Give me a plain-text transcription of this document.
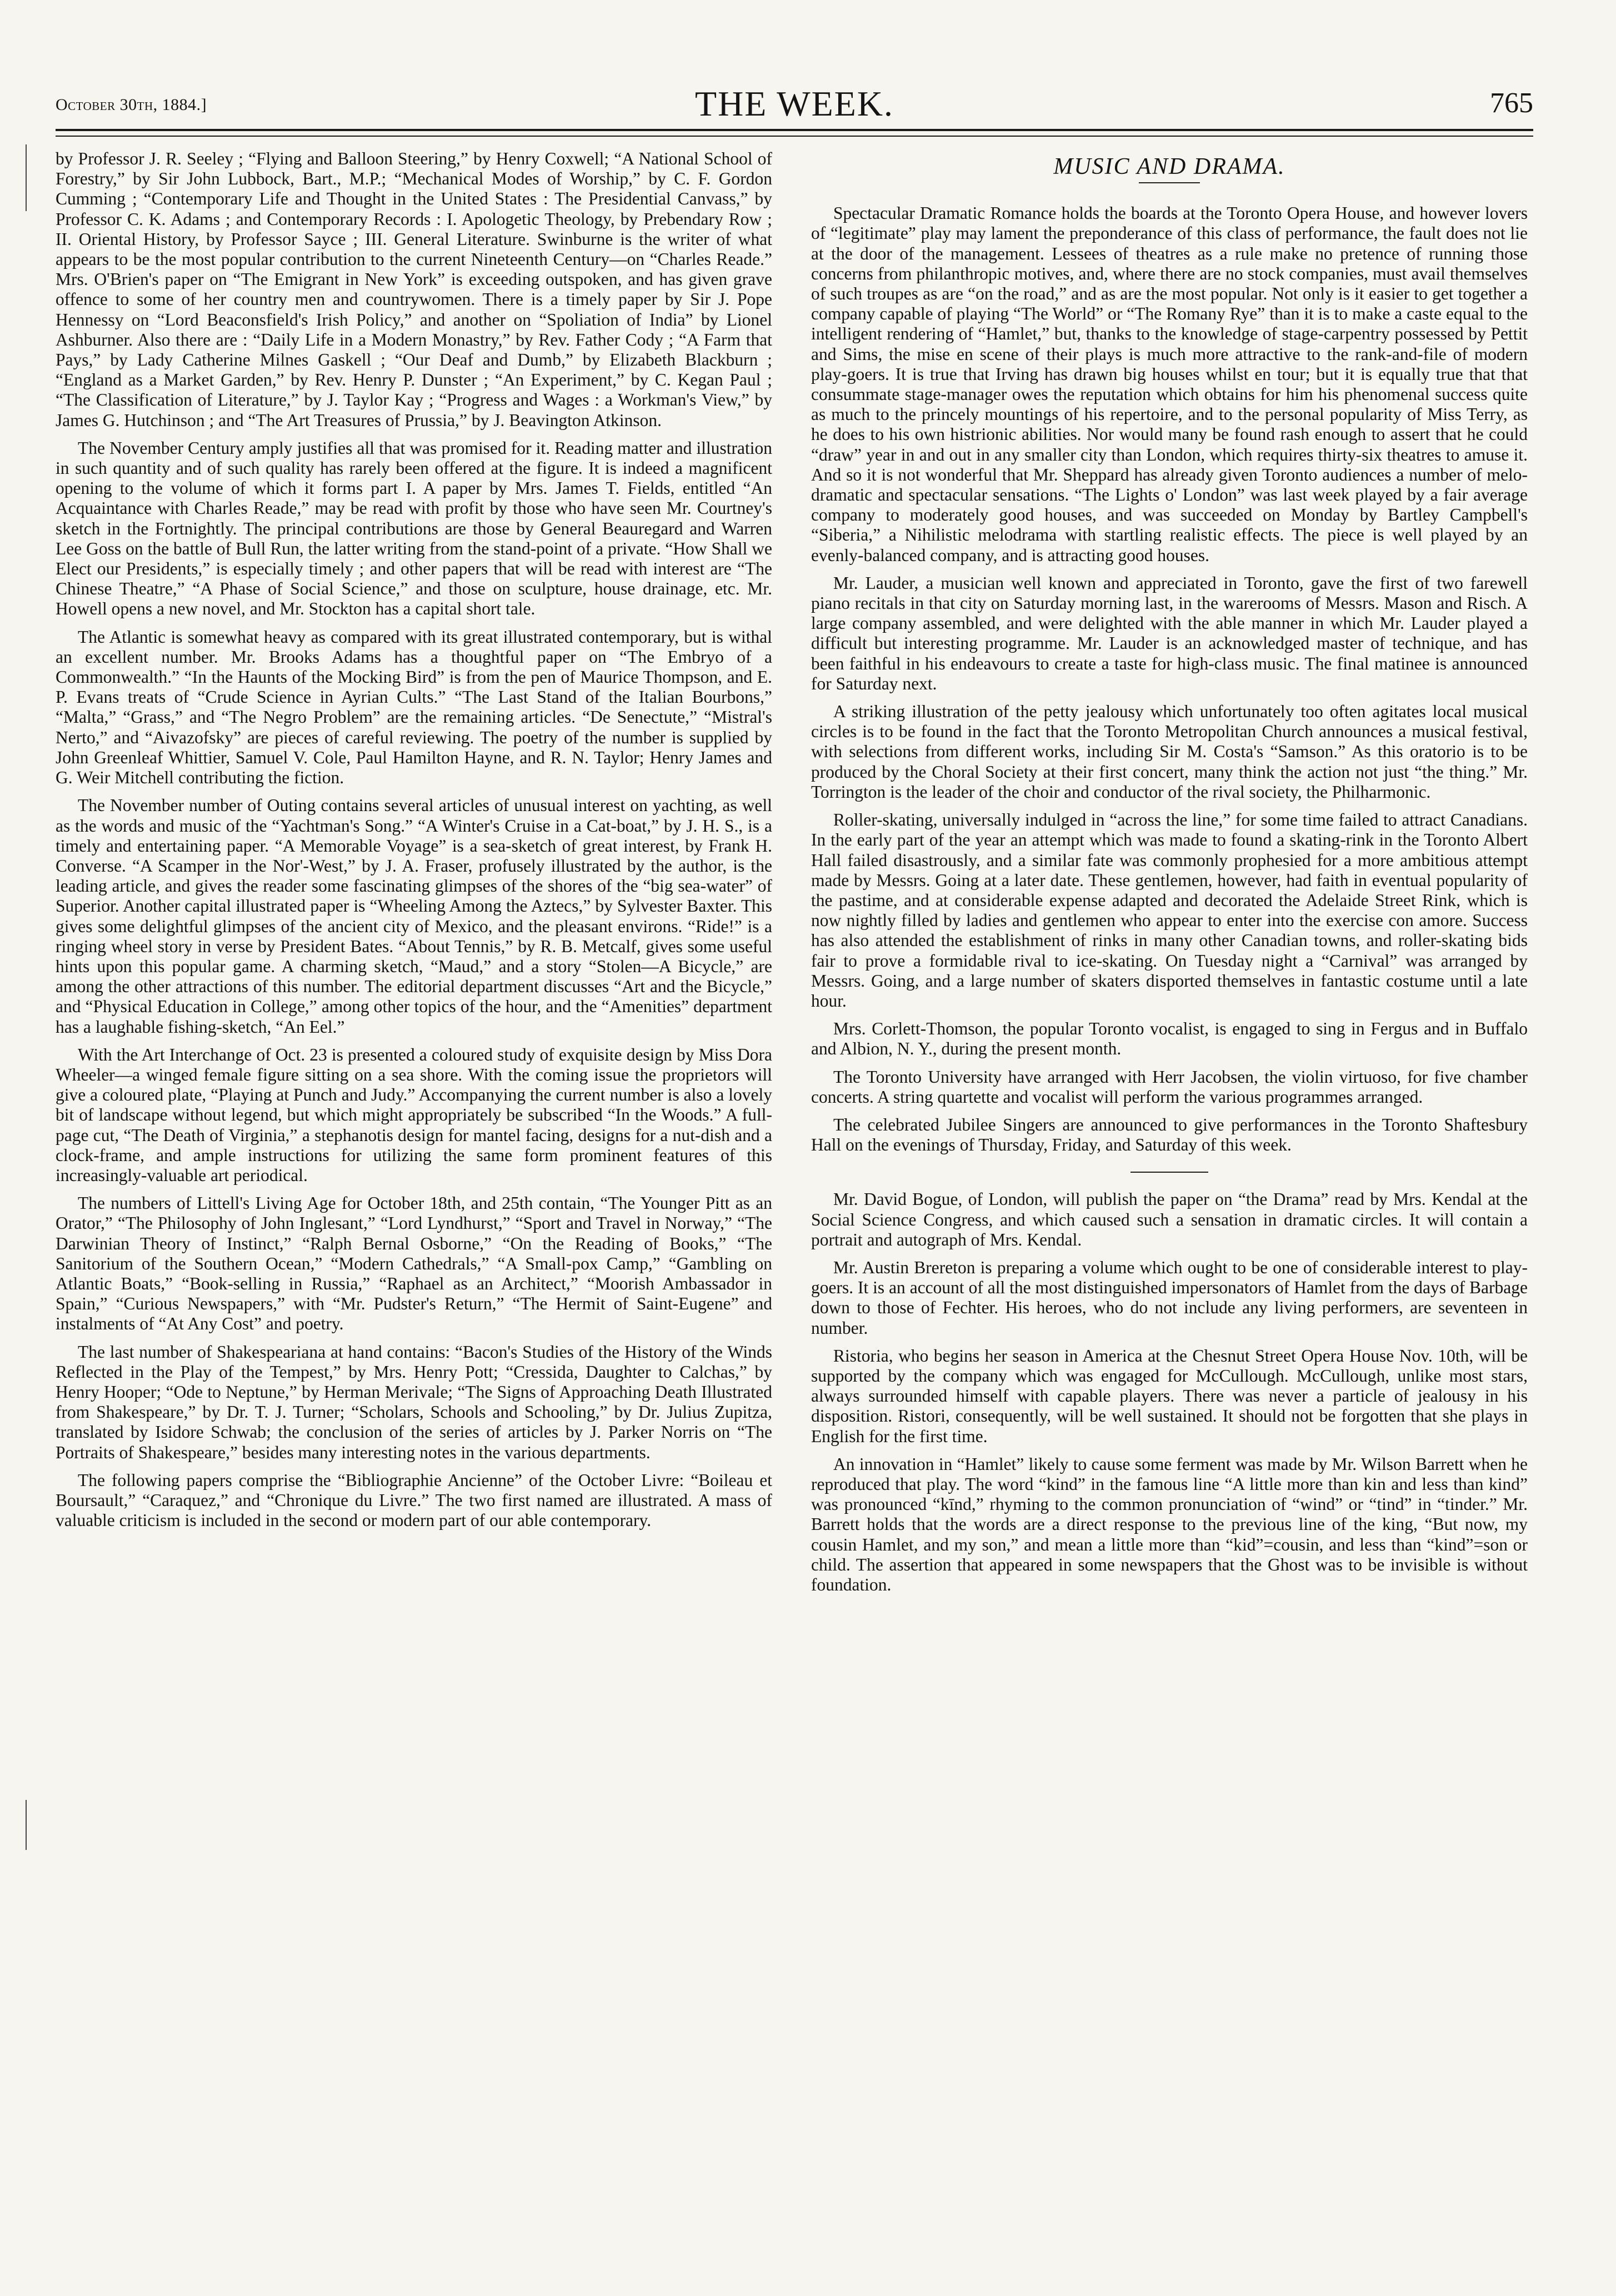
October 30th, 1884.]	THE WEEK.	765

by Professor J. R. Seeley ; “Flying and Balloon Steering,” by Henry Coxwell; “A National School of Forestry,” by Sir John Lubbock, Bart., M.P.; “Mechanical Modes of Worship,” by C. F. Gordon Cumming ; “Contemporary Life and Thought in the United States : The Presidential Canvass,” by Professor C. K. Adams ; and Contemporary Records : I. Apologetic Theology, by Prebendary Row ; II. Oriental History, by Professor Sayce ; III. General Literature. Swinburne is the writer of what appears to be the most popular contribution to the current Nineteenth Century—on “Charles Reade.” Mrs. O'Brien's paper on “The Emigrant in New York” is exceeding outspoken, and has given grave offence to some of her country men and countrywomen. There is a timely paper by Sir J. Pope Hennessy on “Lord Beaconsfield's Irish Policy,” and another on “Spoliation of India” by Lionel Ashburner. Also there are : “Daily Life in a Modern Monastry,” by Rev. Father Cody ; “A Farm that Pays,” by Lady Catherine Milnes Gaskell ; “Our Deaf and Dumb,” by Elizabeth Blackburn ; “England as a Market Garden,” by Rev. Henry P. Dunster ; “An Experiment,” by C. Kegan Paul ; “The Classification of Literature,” by J. Taylor Kay ; “Progress and Wages : a Workman's View,” by James G. Hutchinson ; and “The Art Treasures of Prussia,” by J. Beavington Atkinson.

The November Century amply justifies all that was promised for it. Reading matter and illustration in such quantity and of such quality has rarely been offered at the figure. It is indeed a magnificent opening to the volume of which it forms part I. A paper by Mrs. James T. Fields, entitled “An Acquaintance with Charles Reade,” may be read with profit by those who have seen Mr. Courtney's sketch in the Fortnightly. The principal contributions are those by General Beauregard and Warren Lee Goss on the battle of Bull Run, the latter writing from the stand-point of a private. “How Shall we Elect our Presidents,” is especially timely ; and other papers that will be read with interest are “The Chinese Theatre,” “A Phase of Social Science,” and those on sculpture, house drainage, etc. Mr. Howell opens a new novel, and Mr. Stockton has a capital short tale.

The Atlantic is somewhat heavy as compared with its great illustrated contemporary, but is withal an excellent number. Mr. Brooks Adams has a thoughtful paper on “The Embryo of a Commonwealth.” “In the Haunts of the Mocking Bird” is from the pen of Maurice Thompson, and E. P. Evans treats of “Crude Science in Ayrian Cults.” “The Last Stand of the Italian Bourbons,” “Malta,” “Grass,” and “The Negro Problem” are the remaining articles. “De Senectute,” “Mistral's Nerto,” and “Aivazofsky” are pieces of careful reviewing. The poetry of the number is supplied by John Greenleaf Whittier, Samuel V. Cole, Paul Hamilton Hayne, and R. N. Taylor; Henry James and G. Weir Mitchell contributing the fiction.

The November number of Outing contains several articles of unusual interest on yachting, as well as the words and music of the “Yachtman's Song.” “A Winter's Cruise in a Cat-boat,” by J. H. S., is a timely and entertaining paper. “A Memorable Voyage” is a sea-sketch of great interest, by Frank H. Converse. “A Scamper in the Nor'-West,” by J. A. Fraser, profusely illustrated by the author, is the leading article, and gives the reader some fascinating glimpses of the shores of the “big sea-water” of Superior. Another capital illustrated paper is “Wheeling Among the Aztecs,” by Sylvester Baxter. This gives some delightful glimpses of the ancient city of Mexico, and the pleasant environs. “Ride!” is a ringing wheel story in verse by President Bates. “About Tennis,” by R. B. Metcalf, gives some useful hints upon this popular game. A charming sketch, “Maud,” and a story “Stolen—A Bicycle,” are among the other attractions of this number. The editorial department discusses “Art and the Bicycle,” and “Physical Education in College,” among other topics of the hour, and the “Amenities” department has a laughable fishing-sketch, “An Eel.”

With the Art Interchange of Oct. 23 is presented a coloured study of exquisite design by Miss Dora Wheeler—a winged female figure sitting on a sea shore. With the coming issue the proprietors will give a coloured plate, “Playing at Punch and Judy.” Accompanying the current number is also a lovely bit of landscape without legend, but which might appropriately be subscribed “In the Woods.” A full-page cut, “The Death of Virginia,” a stephanotis design for mantel facing, designs for a nut-dish and a clock-frame, and ample instructions for utilizing the same form prominent features of this increasingly-valuable art periodical.

The numbers of Littell's Living Age for October 18th, and 25th contain, “The Younger Pitt as an Orator,” “The Philosophy of John Inglesant,” “Lord Lyndhurst,” “Sport and Travel in Norway,” “The Darwinian Theory of Instinct,” “Ralph Bernal Osborne,” “On the Reading of Books,” “The Sanitorium of the Southern Ocean,” “Modern Cathedrals,” “A Small-pox Camp,” “Gambling on Atlantic Boats,” “Book-selling in Russia,” “Raphael as an Architect,” “Moorish Ambassador in Spain,” “Curious Newspapers,” with “Mr. Pudster's Return,” “The Hermit of Saint-Eugene” and instalments of “At Any Cost” and poetry.

The last number of Shakespeariana at hand contains: “Bacon's Studies of the History of the Winds Reflected in the Play of the Tempest,” by Mrs. Henry Pott; “Cressida, Daughter to Calchas,” by Henry Hooper; “Ode to Neptune,” by Herman Merivale; “The Signs of Approaching Death Illustrated from Shakespeare,” by Dr. T. J. Turner; “Scholars, Schools and Schooling,” by Dr. Julius Zupitza, translated by Isidore Schwab; the conclusion of the series of articles by J. Parker Norris on “The Portraits of Shakespeare,” besides many interesting notes in the various departments.

The following papers comprise the “Bibliographie Ancienne” of the October Livre: “Boileau et Boursault,” “Caraquez,” and “Chronique du Livre.” The two first named are illustrated. A mass of valuable criticism is included in the second or modern part of our able contemporary.

MUSIC AND DRAMA.

Spectacular Dramatic Romance holds the boards at the Toronto Opera House, and however lovers of “legitimate” play may lament the preponderance of this class of performance, the fault does not lie at the door of the management. Lessees of theatres as a rule make no pretence of running those concerns from philanthropic motives, and, where there are no stock companies, must avail themselves of such troupes as are “on the road,” and as are the most popular. Not only is it easier to get together a company capable of playing “The World” or “The Romany Rye” than it is to make a caste equal to the intelligent rendering of “Hamlet,” but, thanks to the knowledge of stage-carpentry possessed by Pettit and Sims, the mise en scene of their plays is much more attractive to the rank-and-file of modern play-goers. It is true that Irving has drawn big houses whilst en tour; but it is equally true that that consummate stage-manager owes the reputation which obtains for him his phenomenal success quite as much to the princely mountings of his repertoire, and to the personal popularity of Miss Terry, as he does to his own histrionic abilities. Nor would many be found rash enough to assert that he could “draw” year in and out in any smaller city than London, which requires thirty-six theatres to amuse it. And so it is not wonderful that Mr. Sheppard has already given Toronto audiences a number of melo-dramatic and spectacular sensations. “The Lights o' London” was last week played by a fair average company to moderately good houses, and was succeeded on Monday by Bartley Campbell's “Siberia,” a Nihilistic melodrama with startling realistic effects. The piece is well played by an evenly-balanced company, and is attracting good houses.

Mr. Lauder, a musician well known and appreciated in Toronto, gave the first of two farewell piano recitals in that city on Saturday morning last, in the warerooms of Messrs. Mason and Risch. A large company assembled, and were delighted with the able manner in which Mr. Lauder played a difficult but interesting programme. Mr. Lauder is an acknowledged master of technique, and has been faithful in his endeavours to create a taste for high-class music. The final matinee is announced for Saturday next.

A striking illustration of the petty jealousy which unfortunately too often agitates local musical circles is to be found in the fact that the Toronto Metropolitan Church announces a musical festival, with selections from different works, including Sir M. Costa's “Samson.” As this oratorio is to be produced by the Choral Society at their first concert, many think the action not just “the thing.” Mr. Torrington is the leader of the choir and conductor of the rival society, the Philharmonic.

Roller-skating, universally indulged in “across the line,” for some time failed to attract Canadians. In the early part of the year an attempt which was made to found a skating-rink in the Toronto Albert Hall failed disastrously, and a similar fate was commonly prophesied for a more ambitious attempt made by Messrs. Going at a later date. These gentlemen, however, had faith in eventual popularity of the pastime, and at considerable expense adapted and decorated the Adelaide Street Rink, which is now nightly filled by ladies and gentlemen who appear to enter into the exercise con amore. Success has also attended the establishment of rinks in many other Canadian towns, and roller-skating bids fair to prove a formidable rival to ice-skating. On Tuesday night a “Carnival” was arranged by Messrs. Going, and a large number of skaters disported themselves in fantastic costume until a late hour.

Mrs. Corlett-Thomson, the popular Toronto vocalist, is engaged to sing in Fergus and in Buffalo and Albion, N. Y., during the present month.

The Toronto University have arranged with Herr Jacobsen, the violin virtuoso, for five chamber concerts. A string quartette and vocalist will perform the various programmes arranged.

The celebrated Jubilee Singers are announced to give performances in the Toronto Shaftesbury Hall on the evenings of Thursday, Friday, and Saturday of this week.

Mr. David Bogue, of London, will publish the paper on “the Drama” read by Mrs. Kendal at the Social Science Congress, and which caused such a sensation in dramatic circles. It will contain a portrait and autograph of Mrs. Kendal.

Mr. Austin Brereton is preparing a volume which ought to be one of considerable interest to play-goers. It is an account of all the most distinguished impersonators of Hamlet from the days of Barbage down to those of Fechter. His heroes, who do not include any living performers, are seventeen in number.

Ristoria, who begins her season in America at the Chesnut Street Opera House Nov. 10th, will be supported by the company which was engaged for McCullough. McCullough, unlike most stars, always surrounded himself with capable players. There was never a particle of jealousy in his disposition. Ristori, consequently, will be well sustained. It should not be forgotten that she plays in English for the first time.

An innovation in “Hamlet” likely to cause some ferment was made by Mr. Wilson Barrett when he reproduced that play. The word “kind” in the famous line “A little more than kin and less than kind” was pronounced “kīnd,” rhyming to the common pronunciation of “wind” or “tind” in “tinder.” Mr. Barrett holds that the words are a direct response to the previous line of the king, “But now, my cousin Hamlet, and my son,” and mean a little more than “kid”=cousin, and less than “kind”=son or child. The assertion that appeared in some newspapers that the Ghost was to be invisible is without foundation.
